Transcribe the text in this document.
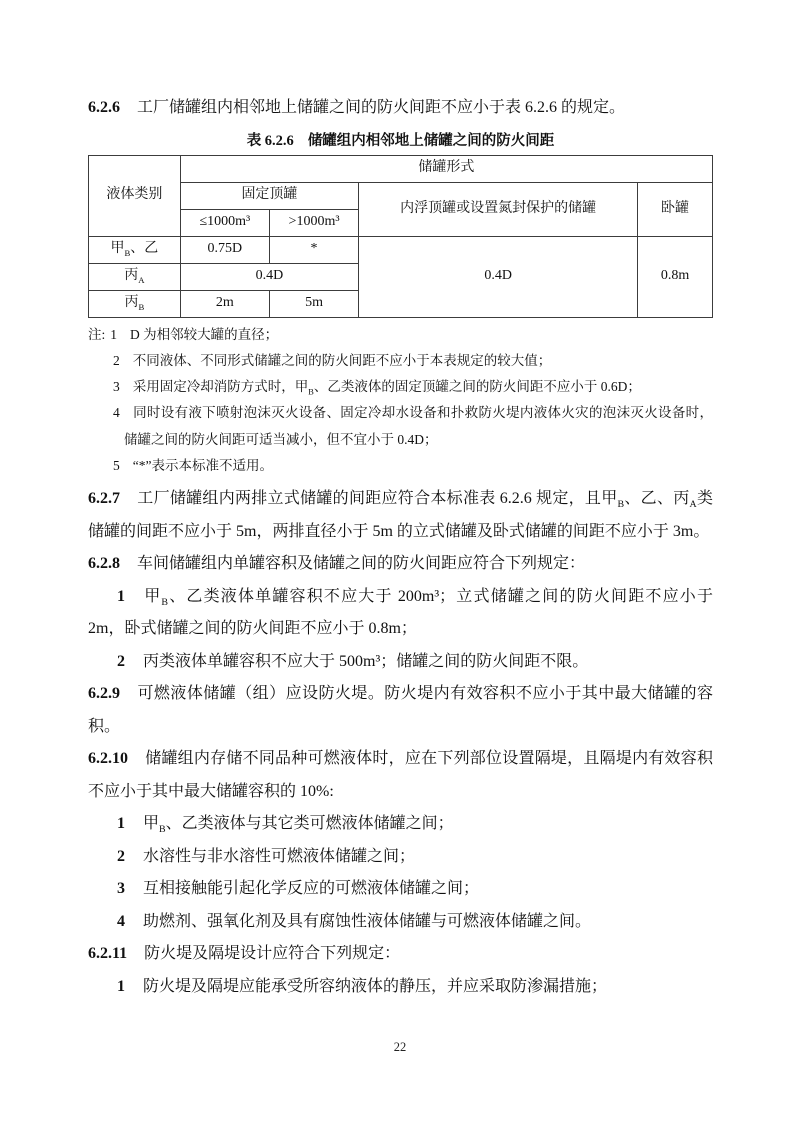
6.2.6 工厂储罐组内相邻地上储罐之间的防火间距不应小于表 6.2.6 的规定。

表 6.2.6 储罐组内相邻地上储罐之间的防火间距
液体类别	储罐形式			
	固定顶罐		内浮顶罐或设置氮封保护的储罐	卧罐
	≤1000m³	>1000m³		
甲$_B$、乙	0.75D	*	0.4D	0.8m
丙$_A$	0.4D			
丙$_B$	2m	5m		

注: 1 D 为相邻较大罐的直径；

2 不同液体、不同形式储罐之间的防火间距不应小于本表规定的较大值；

3 采用固定冷却消防方式时，甲$_B$、乙类液体的固定顶罐之间的防火间距不应小于 0.6D；

4 同时设有液下喷射泡沫灭火设备、固定冷却水设备和扑救防火堤内液体火灾的泡沫灭火设备时，储罐之间的防火间距可适当减小，但不宜小于 0.4D；

5 “*”表示本标准不适用。

6.2.7 工厂储罐组内两排立式储罐的间距应符合本标准表 6.2.6 规定，且甲$_B$、乙、丙$_A$类储罐的间距不应小于 5m，两排直径小于 5m 的立式储罐及卧式储罐的间距不应小于 3m。

6.2.8 车间储罐组内单罐容积及储罐之间的防火间距应符合下列规定：

1 甲$_B$、乙类液体单罐容积不应大于 200m³；立式储罐之间的防火间距不应小于 2m，卧式储罐之间的防火间距不应小于 0.8m；

2 丙类液体单罐容积不应大于 500m³；储罐之间的防火间距不限。

6.2.9 可燃液体储罐（组）应设防火堤。防火堤内有效容积不应小于其中最大储罐的容积。

6.2.10 储罐组内存储不同品种可燃液体时，应在下列部位设置隔堤，且隔堤内有效容积不应小于其中最大储罐容积的 10%:

1 甲$_B$、乙类液体与其它类可燃液体储罐之间；

2 水溶性与非水溶性可燃液体储罐之间；

3 互相接触能引起化学反应的可燃液体储罐之间；

4 助燃剂、强氧化剂及具有腐蚀性液体储罐与可燃液体储罐之间。

6.2.11 防火堤及隔堤设计应符合下列规定：

1 防火堤及隔堤应能承受所容纳液体的静压，并应采取防渗漏措施；

22
